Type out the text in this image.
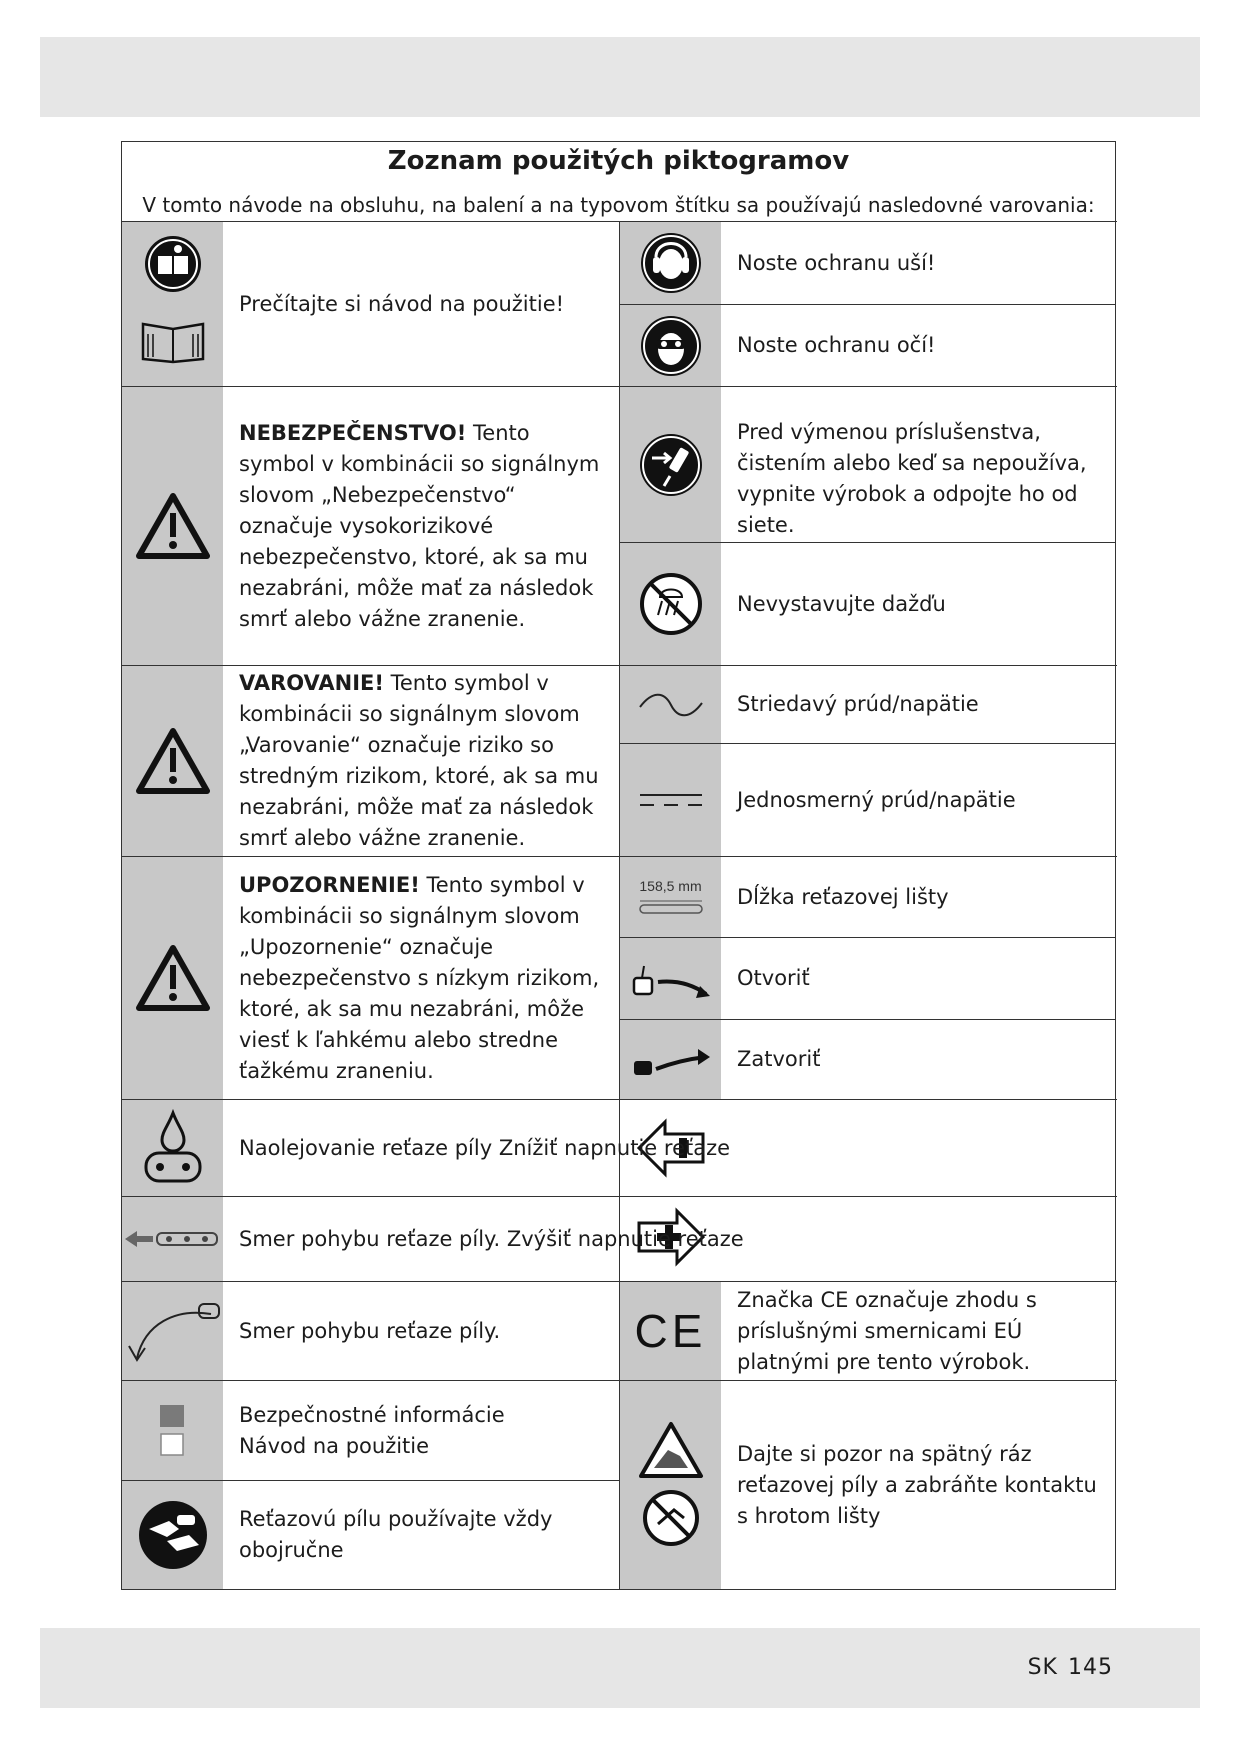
Zoznam použitých piktogramov
V tomto návode na obsluhu, na balení a na typovom štítku sa používajú nasledovné varovania:
158,5 mm
CE
Prečítajte si návod na použitie!
NEBEZPEČENSTVO! Tento symbol v kombinácii so signálnym slovom „Nebezpečenstvo“ označuje vysokorizikové nebezpečenstvo, ktoré, ak sa mu nezabráni, môže mať za následok smrť alebo vážne zranenie.
VAROVANIE! Tento symbol v kombinácii so signálnym slovom „Varovanie“ označuje riziko so stredným rizikom, ktoré, ak sa mu nezabráni, môže mať za následok smrť alebo vážne zranenie.
UPOZORNENIE! Tento symbol v kombinácii so signálnym slovom „Upozornenie“ označuje nebezpečenstvo s nízkym rizikom, ktoré, ak sa mu nezabráni, môže viesť k ľahkému alebo stredne ťažkému zraneniu.
Naolejovanie reťaze píly Znížiť napnutie reťaze
Smer pohybu reťaze píly. Zvýšiť napnutie reťaze
Smer pohybu reťaze píly.
Bezpečnostné informácie
Návod na použitie
Reťazovú pílu používajte vždy obojručne
Noste ochranu uší!
Noste ochranu očí!
Pred výmenou príslušenstva, čistením alebo keď sa nepoužíva, vypnite výrobok a odpojte ho od siete.
Nevystavujte dažďu
Striedavý prúd/napätie
Jednosmerný prúd/napätie
Dĺžka reťazovej lišty
Otvoriť
Zatvoriť
Značka CE označuje zhodu s príslušnými smernicami EÚ platnými pre tento výrobok.
Dajte si pozor na spätný ráz reťazovej píly a zabráňte kontaktu s hrotom lišty
SK 145
